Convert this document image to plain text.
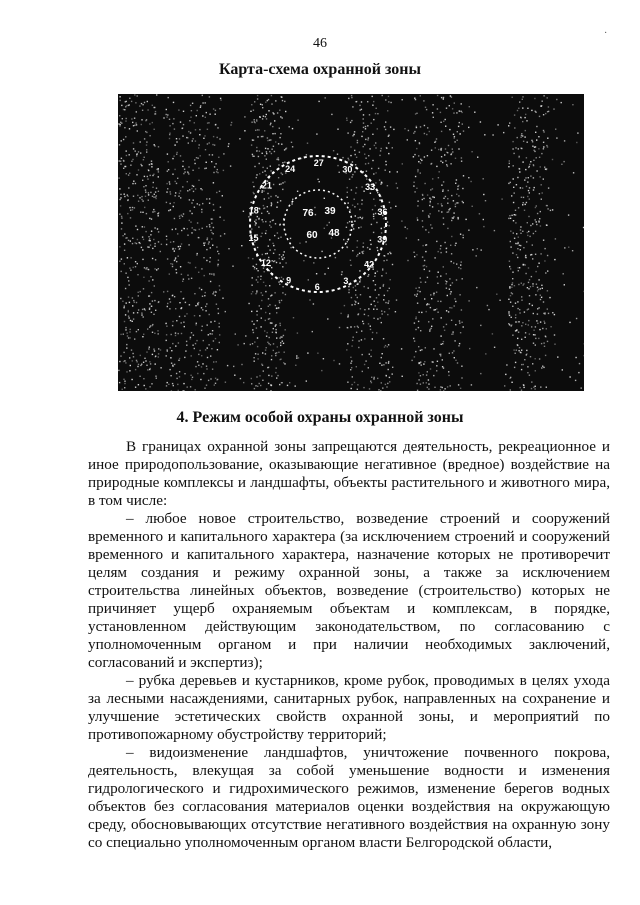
46
·
Карта-схема охранной зоны
76 39
60 48
24
27
30
33
36
39
42
3
6
9
12
15
18
21
4. Режим особой охраны охранной зоны

В границах охранной зоны запрещаются деятельность, рекреационное и иное природопользование, оказывающие негативное (вредное) воздействие на природные комплексы и ландшафты, объекты растительного и животного мира, в том числе:

– любое новое строительство, возведение строений и сооружений временного и капитального характера (за исключением строений и сооружений временного и капитального характера, назначение которых не противоречит целям создания и режиму охранной зоны, а также за исключением строительства линейных объектов, возведение (строительство) которых не причиняет ущерб охраняемым объектам и комплексам, в порядке, установленном действующим законодательством, по согласованию с уполномоченным органом и при наличии необходимых заключений, согласований и экспертиз);

– рубка деревьев и кустарников, кроме рубок, проводимых в целях ухода за лесными насаждениями, санитарных рубок, направленных на сохранение и улучшение эстетических свойств охранной зоны, и мероприятий по противопожарному обустройству территорий;

– видоизменение ландшафтов, уничтожение почвенного покрова, деятельность, влекущая за собой уменьшение водности и изменения гидрологического и гидрохимического режимов, изменение берегов водных объектов без согласования материалов оценки воздействия на окружающую среду, обосновывающих отсутствие негативного воздействия на охранную зону со специально уполномоченным органом власти Белгородской области,
